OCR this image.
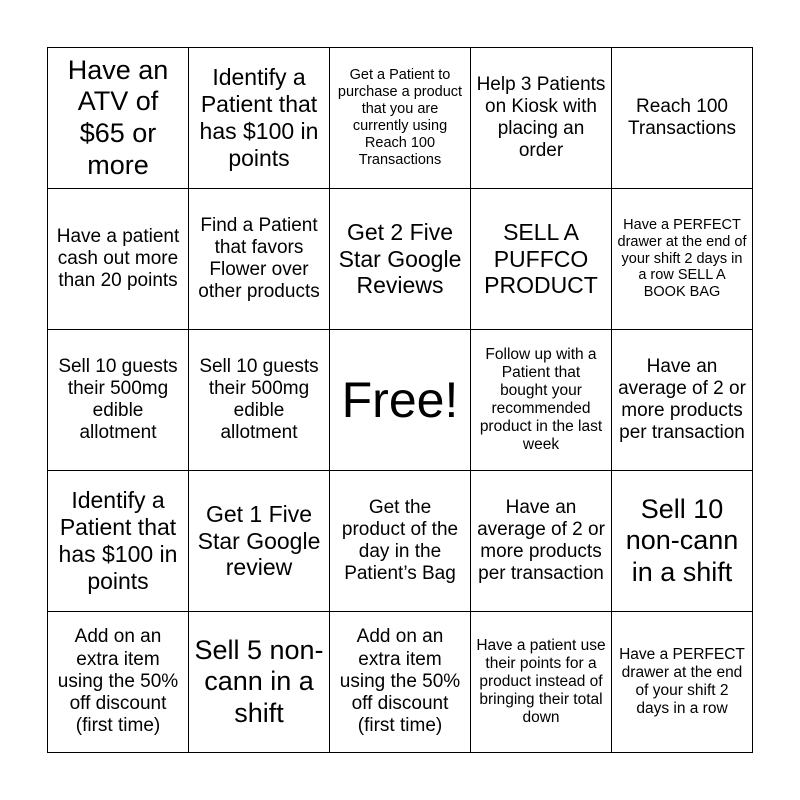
Have an ATV of $65 or more
Identify a Patient that has $100 in points
Get a Patient to purchase a product that you are currently using Reach 100 Transactions
Help 3 Patients on Kiosk with placing an order
Reach 100 Transactions
Have a patient cash out more than 20 points
Find a Patient that favors Flower over other products
Get 2 Five Star Google Reviews
SELL A PUFFCO PRODUCT
Have a PERFECT drawer at the end of your shift 2 days in a row SELL A BOOK BAG
Sell 10 guests their 500mg edible allotment
Sell 10 guests their 500mg edible allotment
Free!
Follow up with a Patient that bought your recommended product in the last week
Have an average of 2 or more products per transaction
Identify a Patient that has $100 in points
Get 1 Five Star Google review
Get the product of the day in the Patient’s Bag
Have an average of 2 or more products per transaction
Sell 10 non-cann in a shift
Add on an extra item using the 50% off discount (first time)
Sell 5 non-cann in a shift
Add on an extra item using the 50% off discount (first time)
Have a patient use their points for a product instead of bringing their total down
Have a PERFECT drawer at the end of your shift 2 days in a row
